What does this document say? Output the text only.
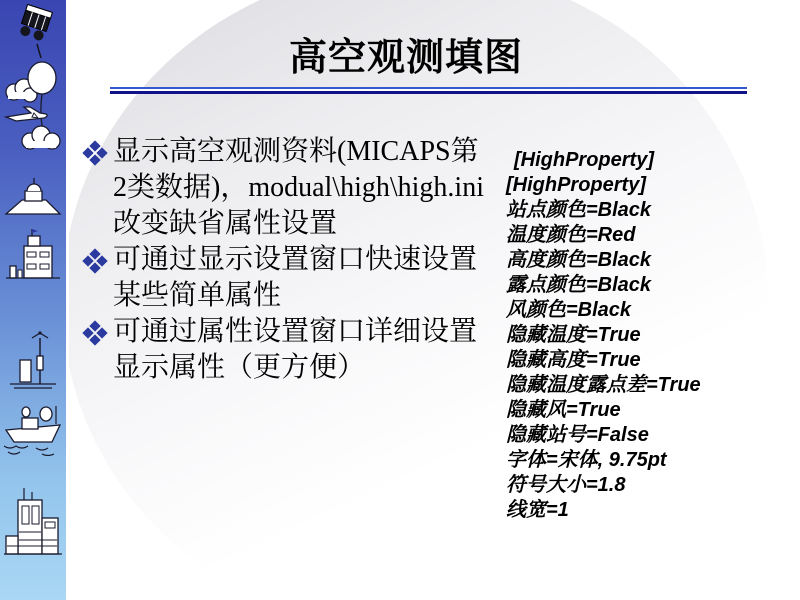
高空观测填图
显示高空观测资料(MICAPS第2类数据)，modual\high\high.ini改变缺省属性设置
可通过显示设置窗口快速设置某些简单属性
可通过属性设置窗口详细设置显示属性（更方便）
[HighProperty]
[HighProperty]
站点颜色=Black
温度颜色=Red
高度颜色=Black
露点颜色=Black
风颜色=Black
隐藏温度=True
隐藏高度=True
隐藏温度露点差=True
隐藏风=True
隐藏站号=False
字体=宋体, 9.75pt
符号大小=1.8
线宽=1
